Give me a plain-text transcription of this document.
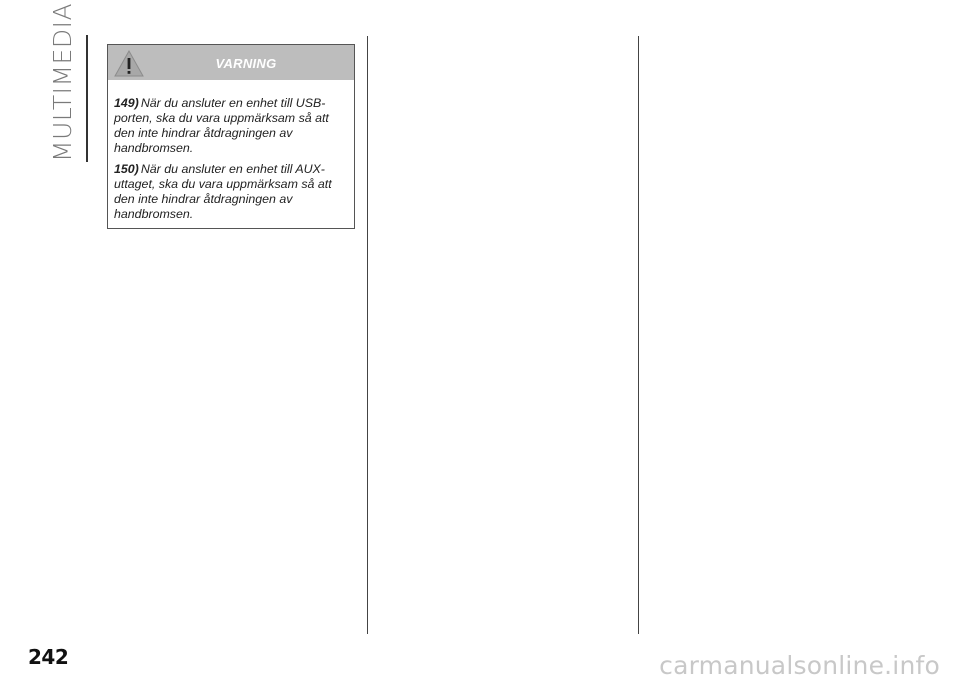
MULTIMEDIA	VARNING

149) När du ansluter en enhet till USB-porten, ska du vara uppmärksam så att den inte hindrar åtdragningen av handbromsen.

150) När du ansluter en enhet till AUX-uttaget, ska du vara uppmärksam så att den inte hindrar åtdragningen av handbromsen.

242	carmanualsonline.info
